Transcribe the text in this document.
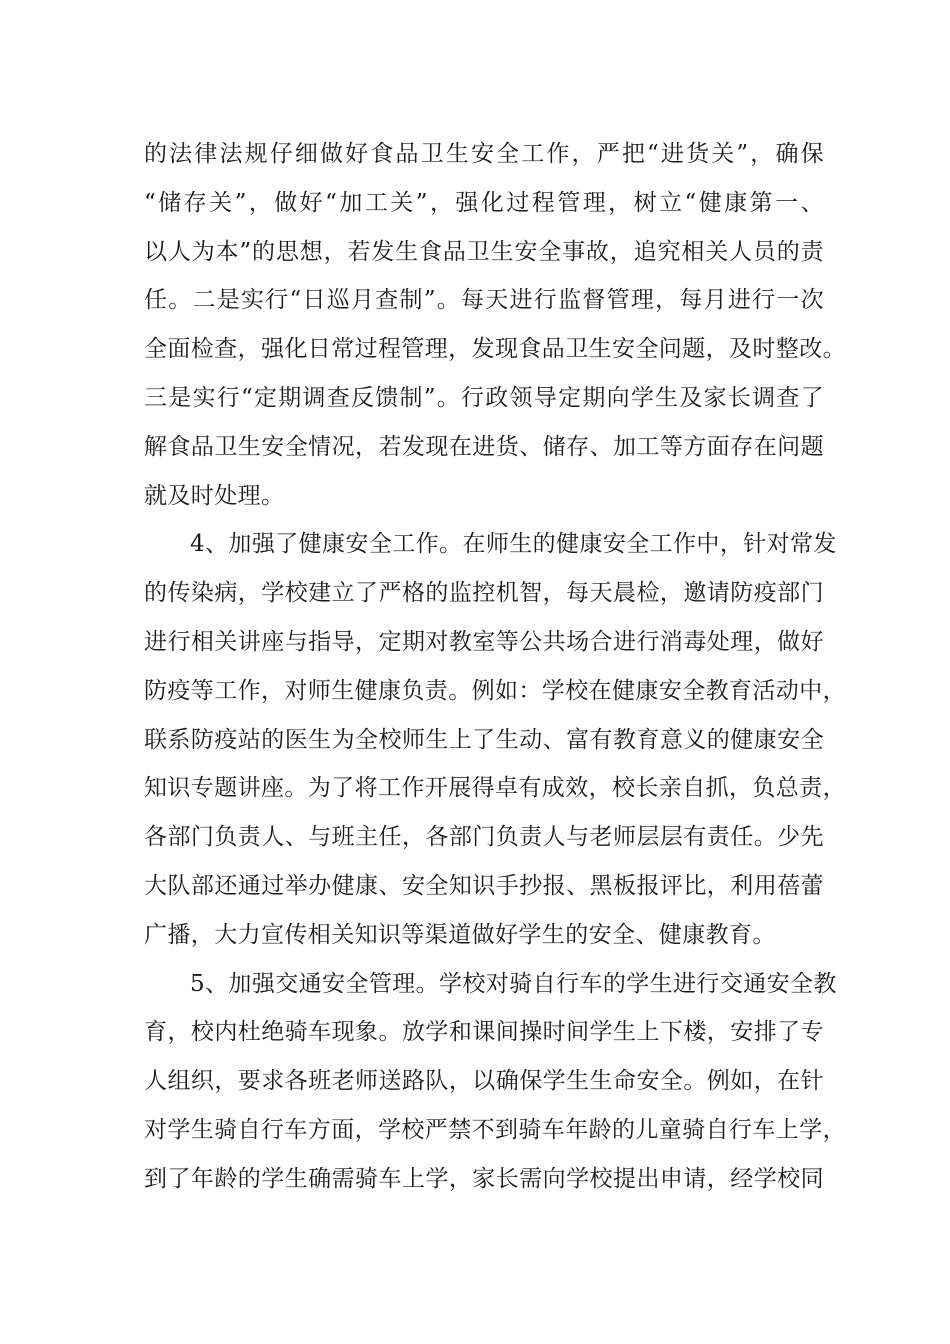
的法律法规仔细做好食品卫生安全工作，严把“进货关”，确保
“储存关”，做好“加工关”，强化过程管理，树立“健康第一、
以人为本”的思想，若发生食品卫生安全事故，追究相关人员的责
任。二是实行“日巡月查制”。每天进行监督管理，每月进行一次
全面检查，强化日常过程管理，发现食品卫生安全问题，及时整改。
三是实行“定期调查反馈制”。行政领导定期向学生及家长调查了
解食品卫生安全情况，若发现在进货、储存、加工等方面存在问题
就及时处理。
4、加强了健康安全工作。在师生的健康安全工作中，针对常发
的传染病，学校建立了严格的监控机智，每天晨检，邀请防疫部门
进行相关讲座与指导，定期对教室等公共场合进行消毒处理，做好
防疫等工作，对师生健康负责。例如：学校在健康安全教育活动中，
联系防疫站的医生为全校师生上了生动、富有教育意义的健康安全
知识专题讲座。为了将工作开展得卓有成效，校长亲自抓，负总责，
各部门负责人、与班主任，各部门负责人与老师层层有责任。少先
大队部还通过举办健康、安全知识手抄报、黑板报评比，利用蓓蕾
广播，大力宣传相关知识等渠道做好学生的安全、健康教育。
5、加强交通安全管理。学校对骑自行车的学生进行交通安全教
育，校内杜绝骑车现象。放学和课间操时间学生上下楼，安排了专
人组织，要求各班老师送路队，以确保学生生命安全。例如，在针
对学生骑自行车方面，学校严禁不到骑车年龄的儿童骑自行车上学，
到了年龄的学生确需骑车上学，家长需向学校提出申请，经学校同
